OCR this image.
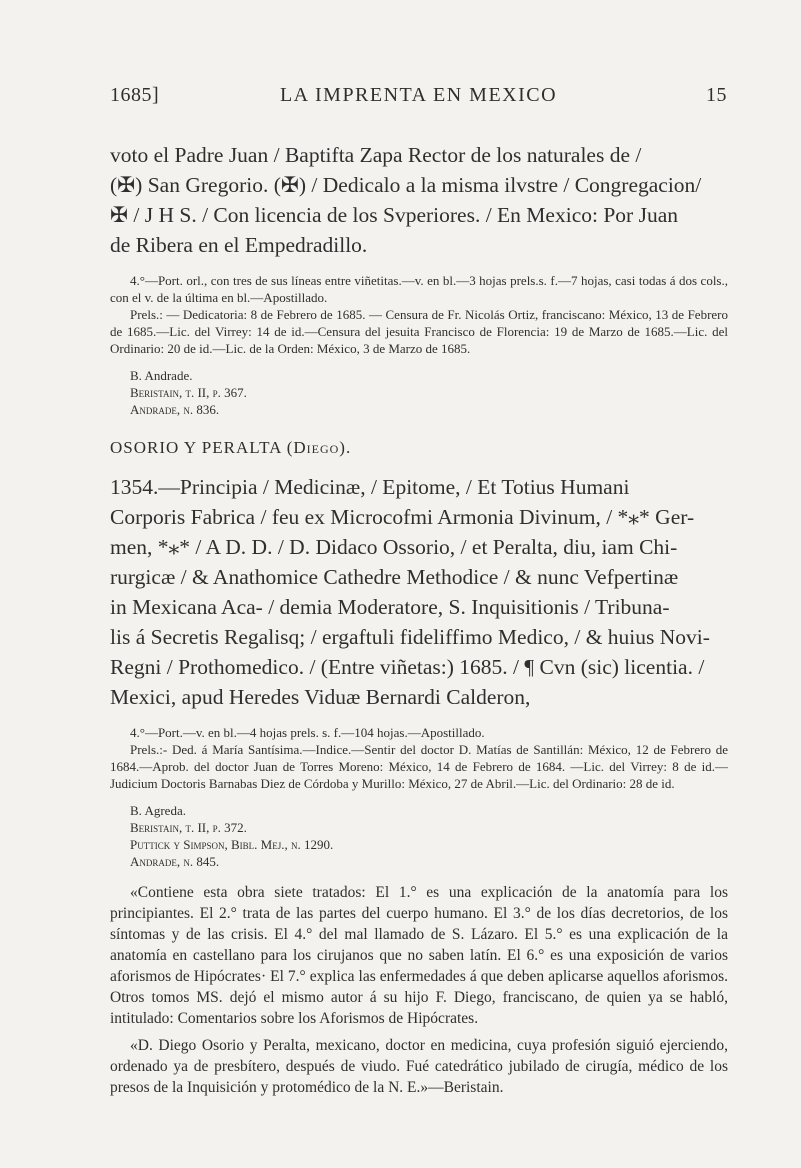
1685]	LA IMPRENTA EN MEXICO	15

voto el Padre Juan / Baptifta Zapa Rector de los naturales de /

(✠) San Gregorio. (✠) / Dedicalo a la misma ilvstre / Congregacion/

✠ / J H S. / Con licencia de los Svperiores. / En Mexico: Por Juan

de Ribera en el Empedradillo.

4.°—Port. orl., con tres de sus líneas entre viñetitas.—v. en bl.—3 hojas prels.s. f.—7 hojas, casi todas á dos cols., con el v. de la última en bl.—Apostillado.

Prels.: — Dedicatoria: 8 de Febrero de 1685. — Censura de Fr. Nicolás Ortiz, franciscano: México, 13 de Febrero de 1685.—Lic. del Virrey: 14 de id.—Censura del jesuita Francisco de Florencia: 19 de Marzo de 1685.—Lic. del Ordinario: 20 de id.—Lic. de la Orden: México, 3 de Marzo de 1685.

B. Andrade.

Beristain, t. II, p. 367.

Andrade, n. 836.

OSORIO Y PERALTA (Diego).

1354.—Principia / Medicinæ, / Epitome, / Et Totius Humani

Corporis Fabrica / feu ex Microcofmi Armonia Divinum, / *⁎* Ger-

men, *⁎* / A D. D. / D. Didaco Ossorio, / et Peralta, diu, iam Chi-

rurgicæ / & Anathomice Cathedre Methodice / & nunc Vefpertinæ

in Mexicana Aca- / demia Moderatore, S. Inquisitionis / Tribuna-

lis á Secretis Regalisq; / ergaftuli fideliffimo Medico, / & huius Novi-

Regni / Prothomedico. / (Entre viñetas:) 1685. / ¶ Cvn (sic) licentia. /

Mexici, apud Heredes Viduæ Bernardi Calderon,

4.°—Port.—v. en bl.—4 hojas prels. s. f.—104 hojas.—Apostillado.

Prels.:- Ded. á María Santísima.—Indice.—Sentir del doctor D. Matías de Santillán: México, 12 de Febrero de 1684.—Aprob. del doctor Juan de Torres Moreno: México, 14 de Febrero de 1684. —Lic. del Virrey: 8 de id.—Judicium Doctoris Barnabas Diez de Córdoba y Murillo: México, 27 de Abril.—Lic. del Ordinario: 28 de id.

B. Agreda.

Beristain, t. II, p. 372.

Puttick y Simpson, Bibl. Mej., n. 1290.

Andrade, n. 845.

«Contiene esta obra siete tratados: El 1.° es una explicación de la anatomía para los principiantes. El 2.° trata de las partes del cuerpo humano. El 3.° de los días decretorios, de los síntomas y de las crisis. El 4.° del mal llamado de S. Lázaro. El 5.° es una explicación de la anatomía en castellano para los cirujanos que no saben latín. El 6.° es una exposición de varios aforismos de Hipócrates· El 7.° explica las enfermedades á que deben aplicarse aquellos aforismos. Otros tomos MS. dejó el mismo autor á su hijo F. Diego, franciscano, de quien ya se habló, intitulado: Comentarios sobre los Aforismos de Hipócrates.

«D. Diego Osorio y Peralta, mexicano, doctor en medicina, cuya profesión siguió ejerciendo, ordenado ya de presbítero, después de viudo. Fué catedrático jubilado de cirugía, médico de los presos de la Inquisición y protomédico de la N. E.»—Beristain.
